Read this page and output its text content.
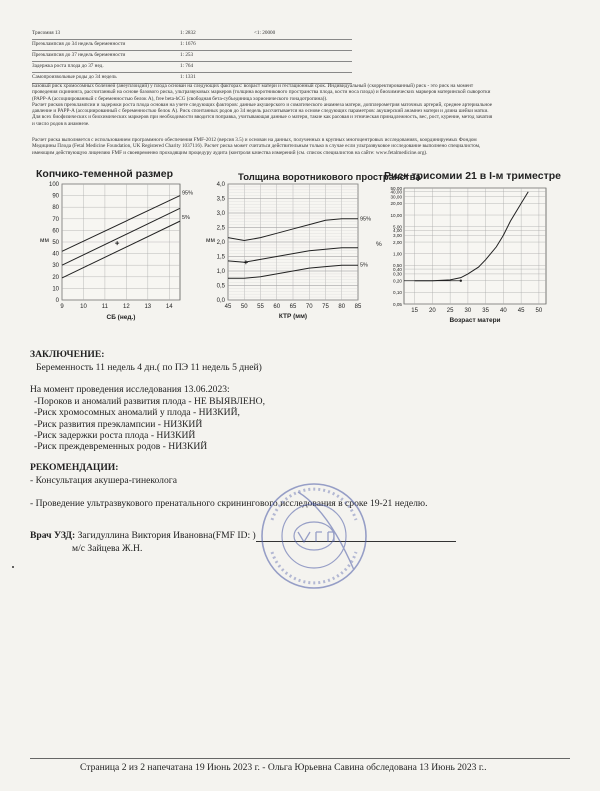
Трисомия 13	1: 2832	<1: 20000
Преэклампсия до 34 недель беременности	1: 1676
Преэклампсия до 37 недель беременности	1: 253
Задержка роста плода до 37 нед.	1: 764
Самопроизвольные роды до 34 недель	1: 1331
Базовый риск хромосомных болезней (анеуплоидий) у плода основан на следующих факторах: возраст матери и гестационный срок. Индивидуальный (скорректированный) риск - это риск на момент
проведения скрининга, рассчитанный на основе базового риска, ультразвуковых маркеров (толщина воротникового пространства плода, кости носа плода) и биохимических маркеров материнской сыворотки
(PAPP-A (ассоциированный с беременностью белок А), free beta-hCG (свободная бета-субъединица хорионического гонадотропина)).
Расчет рисков преэклампсии и задержки роста плода основан на учете следующих факторов: данные акушерского и соматического анамнеза матери, допплерометрия маточных артерий, среднее артериальное
давление и PAPP-A (ассоциированный с беременностью белок А). Риск спонтанных родов до 34 недель рассчитывается на основе следующих параметров: акушерский анамнез матери и длина шейки матки.
Для всех биофизических и биохимических маркеров при необходимости вводится поправка, учитывающая данные о матери, такие как расовая и этническая принадлежность, вес, рост, курение, метод зачатия
и число родов в анамнезе.
Расчет риска выполняется с использованием программного обеспечения FMF-2012 (версия 3.5) и основан на данных, полученных в крупных многоцентровых исследованиях, координируемых Фондом
Медицины Плода (Fetal Medicine Foundation, UK Registered Charity 1037116). Расчет риска может считаться действительным только в случае если ультразвуковое исследование выполнено специалистом,
имеющим действующую лицензию FMF и своевременно проходящим процедуру аудита (контроля качества измерений (см. список специалистов на сайте: www.fetalmedicine.org).
Копчико-теменной размер	Толщина воротникового пространства
Риск трисомии 21 в I-м триместре
9	10 11 12 13 14
0
10
20
30
40
50
60
70
80
90
100
95%
5%
мм
СБ (нед.)
45 50 55 60 65 70 75 80 85
0,0
0,5
1,0
1,5
2,0
2,5
3,0
3,5
4,0
95%
5%
мм
КТР (мм)
15 20 25 30 35 40 45 50
0,05
0,10
0,20
0,30
0,40
0,50
1,00
2,00
3,00
4,00
5,00
10,00
20,00
30,00
40,00
50,00
%
Возраст матери
ЗАКЛЮЧЕНИЕ:
Беременность 11 недель 4 дн.( по ПЭ 11 недель 5 дней)
На момент проведения исследования 13.06.2023:
-Пороков и аномалий развития плода - НЕ ВЫЯВЛЕНО,
-Риск хромосомных аномалий у плода - НИЗКИЙ,
-Риск развития преэклампсии - НИЗКИЙ
-Риск задержки роста плода - НИЗКИЙ
-Риск преждевременных родов - НИЗКИЙ
РЕКОМЕНДАЦИИ:
- Консультация акушера-гинеколога
- Проведение ультразвукового пренатального скринингового исследования в сроке 19-21 неделю.
Врач УЗД: Загидуллина Виктория Ивановна(FMF ID: )
м/с Зайцева Ж.Н.
Страница 2 из 2 напечатана 19 Июнь 2023 г. - Ольга Юрьевна Савина обследована 13 Июнь 2023 г..
